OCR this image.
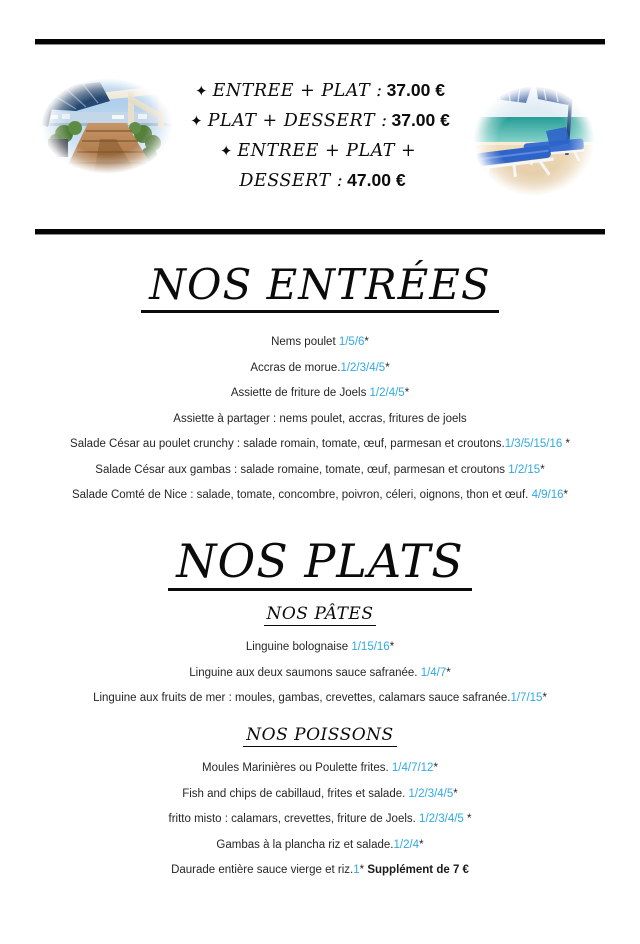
✦ ENTREE + PLAT : 37.00 €
✦ PLAT + DESSERT : 37.00 €
✦ ENTREE + PLAT +
DESSERT : 47.00 €
NOS ENTRÉES
Nems poulet 1/5/6*
Accras de morue.1/2/3/4/5*
Assiette de friture de Joels 1/2/4/5*
Assiette à partager : nems poulet, accras, fritures de joels
Salade César au poulet crunchy : salade romain, tomate, œuf, parmesan et croutons.1/3/5/15/16 *
Salade César aux gambas : salade romaine, tomate, œuf, parmesan et croutons 1/2/15*
Salade Comté de Nice : salade, tomate, concombre, poivron, céleri, oignons, thon et œuf. 4/9/16*
NOS PLATS
NOS PÂTES
Linguine bolognaise 1/15/16*
Linguine aux deux saumons sauce safranée. 1/4/7*
Linguine aux fruits de mer : moules, gambas, crevettes, calamars sauce safranée.1/7/15*
NOS POISSONS
Moules Marinières ou Poulette frites. 1/4/7/12*
Fish and chips de cabillaud, frites et salade. 1/2/3/4/5*
fritto misto : calamars, crevettes, friture de Joels. 1/2/3/4/5 *
Gambas à la plancha riz et salade.1/2/4*
Daurade entière sauce vierge et riz.1* Supplément de 7 €
